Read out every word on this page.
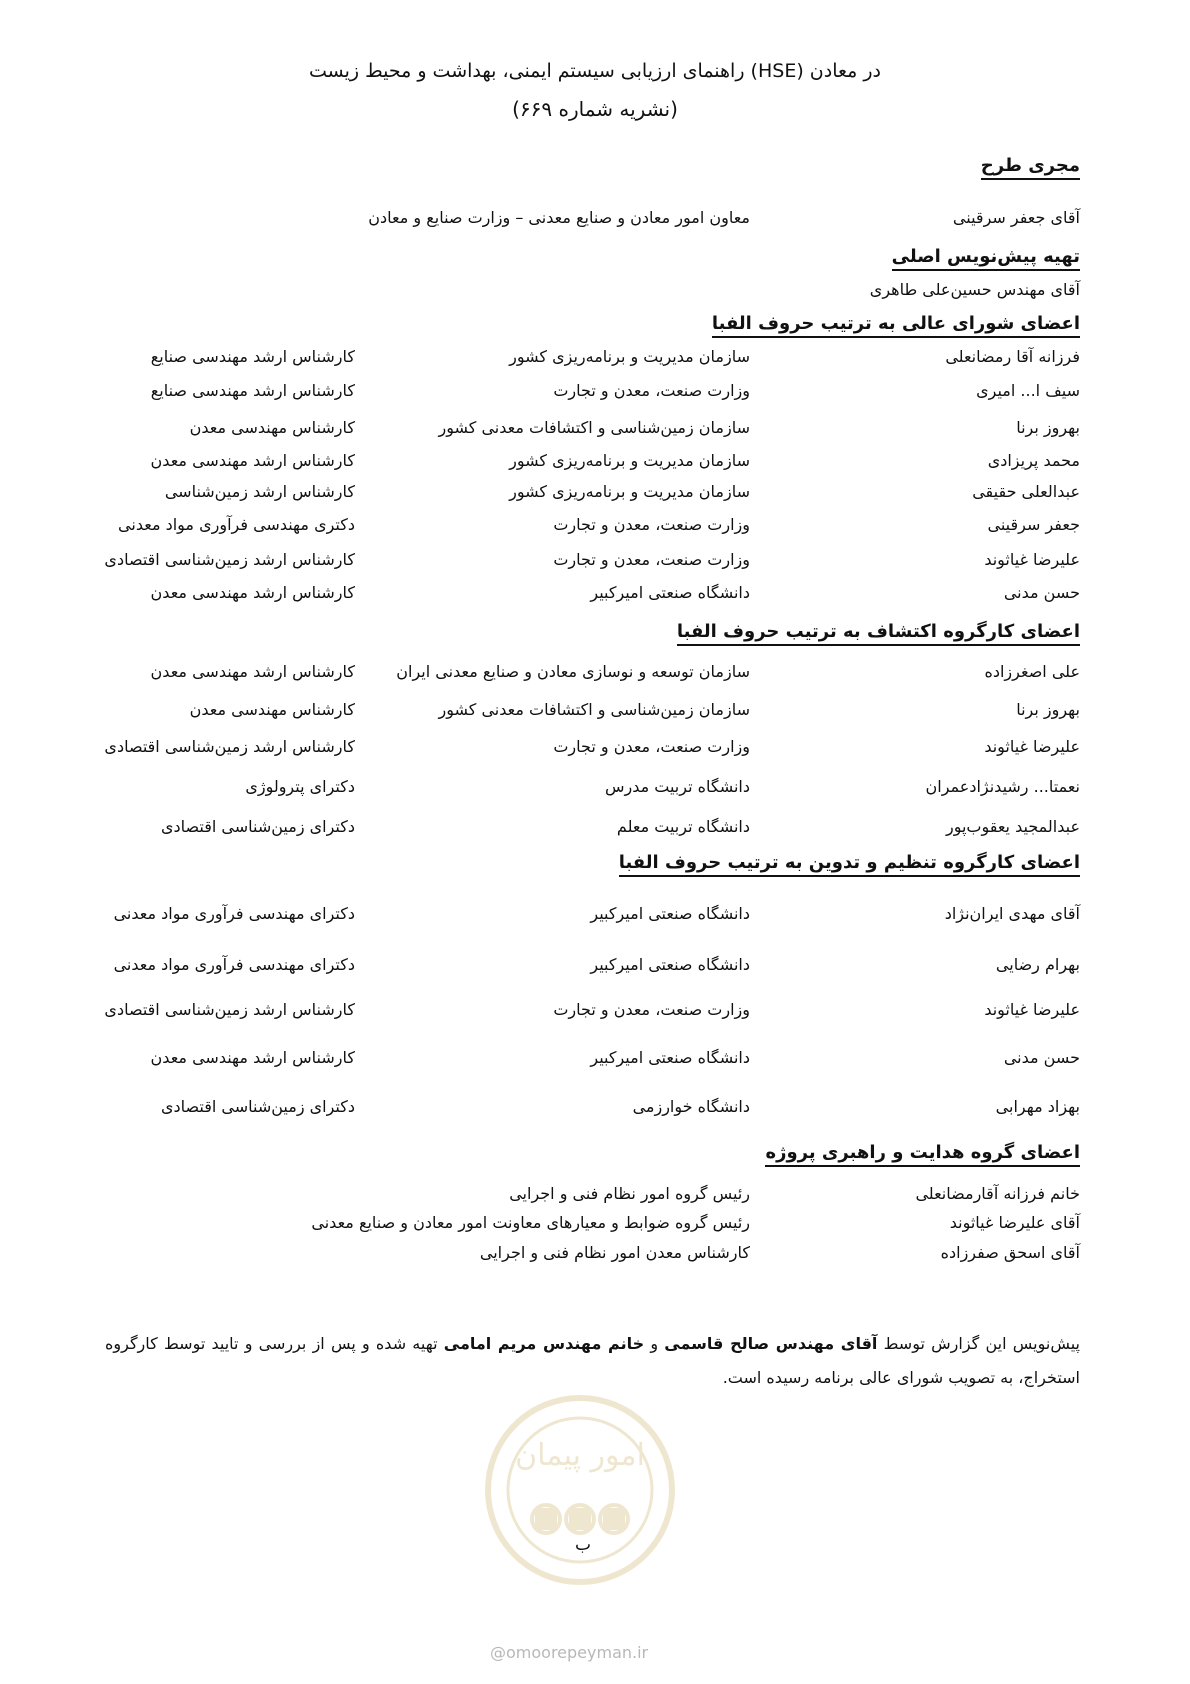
راهنمای ارزیابی سیستم ایمنی، بهداشت و محیط زیست (HSE) در معادن
(نشریه شماره ۶۶۹)
مجری طرح
آقای جعفر سرقینی
معاون امور معادن و صنایع معدنی – وزارت صنایع و معادن
تهیه پیش‌نویس اصلی
آقای مهندس حسین‌علی طاهری
اعضای شورای عالی به ترتیب حروف الفبا
فرزانه آقا رمضانعلی
سازمان مدیریت و برنامه‌ریزی کشور
کارشناس ارشد مهندسی صنایع
سیف ا... امیری
وزارت صنعت، معدن و تجارت
کارشناس ارشد مهندسی صنایع
بهروز برنا
سازمان زمین‌شناسی و اکتشافات معدنی کشور
کارشناس مهندسی معدن
محمد پریزادی
سازمان مدیریت و برنامه‌ریزی کشور
کارشناس ارشد مهندسی معدن
عبدالعلی حقیقی
سازمان مدیریت و برنامه‌ریزی کشور
کارشناس ارشد زمین‌شناسی
جعفر سرقینی
وزارت صنعت، معدن و تجارت
دکتری مهندسی فرآوری مواد معدنی
علیرضا غیاثوند
وزارت صنعت، معدن و تجارت
کارشناس ارشد زمین‌شناسی اقتصادی
حسن مدنی
دانشگاه صنعتی امیرکبیر
کارشناس ارشد مهندسی معدن
اعضای کارگروه اکتشاف به ترتیب حروف الفبا
علی اصغرزاده
سازمان توسعه و نوسازی معادن و صنایع معدنی ایران
کارشناس ارشد مهندسی معدن
بهروز برنا
سازمان زمین‌شناسی و اکتشافات معدنی کشور
کارشناس مهندسی معدن
علیرضا غیاثوند
وزارت صنعت، معدن و تجارت
کارشناس ارشد زمین‌شناسی اقتصادی
نعمتا... رشیدنژادعمران
دانشگاه تربیت مدرس
دکترای پترولوژی
عبدالمجید یعقوب‌پور
دانشگاه تربیت معلم
دکترای زمین‌شناسی اقتصادی
اعضای کارگروه تنظیم و تدوین به ترتیب حروف الفبا
آقای مهدی ایران‌نژاد
دانشگاه صنعتی امیرکبیر
دکترای مهندسی فرآوری مواد معدنی
بهرام رضایی
دانشگاه صنعتی امیرکبیر
دکترای مهندسی فرآوری مواد معدنی
علیرضا غیاثوند
وزارت صنعت، معدن و تجارت
کارشناس ارشد زمین‌شناسی اقتصادی
حسن مدنی
دانشگاه صنعتی امیرکبیر
کارشناس ارشد مهندسی معدن
بهزاد مهرابی
دانشگاه خوارزمی
دکترای زمین‌شناسی اقتصادی
اعضای گروه هدایت و راهبری پروژه
خانم فرزانه آقارمضانعلی
رئیس گروه امور نظام فنی و اجرایی
آقای علیرضا غیاثوند
رئیس گروه ضوابط و معیارهای معاونت امور معادن و صنایع معدنی
آقای اسحق صفرزاده
کارشناس معدن امور نظام فنی و اجرایی
امور پیمان
پیش‌نویس این گزارش توسط آقای مهندس صالح قاسمی و خانم مهندس مریم امامی تهیه شده و پس از بررسی و تایید توسط کارگروه استخراج، به تصویب شورای عالی برنامه رسیده است.
ب
@omoorepeyman.ir
